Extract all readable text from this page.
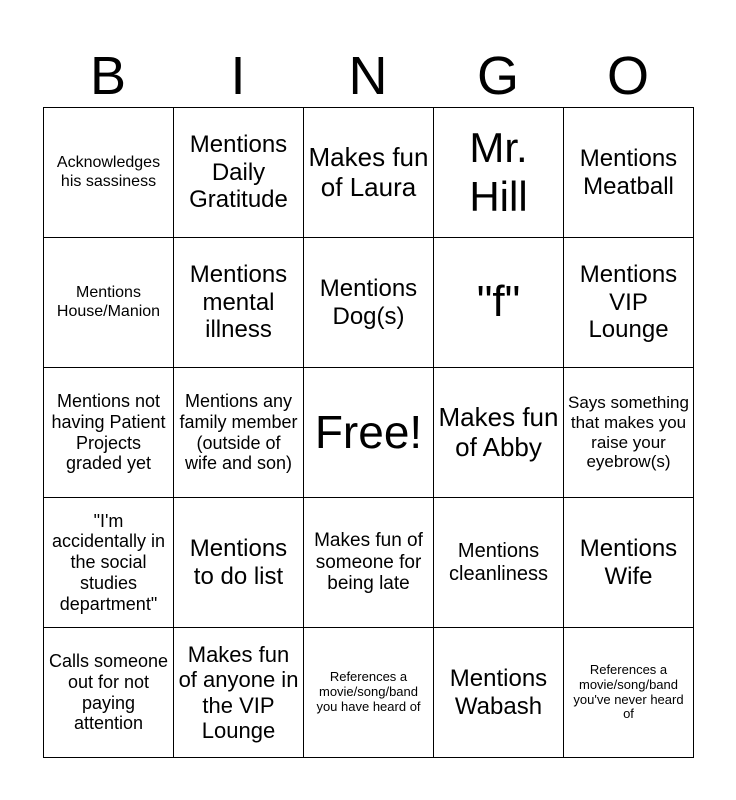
B	I	N	G	O
Acknowledges his sassiness	Mentions Daily Gratitude	Makes fun of Laura	Mr. Hill	Mentions Meatball

Mentions House/Manion	Mentions mental illness	Mentions Dog(s)	"f"	Mentions VIP Lounge

Mentions not having Patient Projects graded yet	Mentions any family member (outside of wife and son)	Free!	Makes fun of Abby	Says something that makes you raise your eyebrow(s)

"I'm accidentally in the social studies department"	Mentions to do list	Makes fun of someone for being late	Mentions cleanliness	Mentions Wife

Calls someone out for not paying attention	Makes fun of anyone in the VIP Lounge	References a movie/song/band you have heard of	Mentions Wabash	References a movie/song/band you've never heard of
